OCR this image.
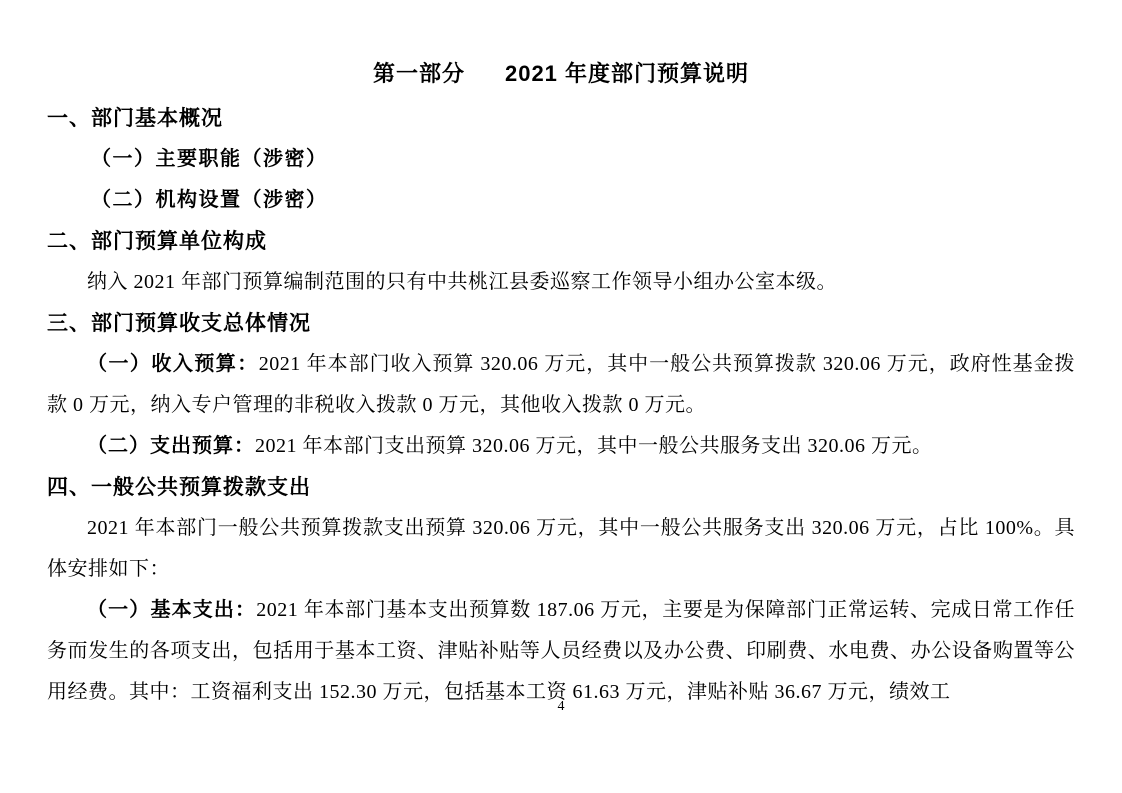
第一部分 2021 年度部门预算说明
一、部门基本概况
（一）主要职能（涉密）
（二）机构设置（涉密）
二、部门预算单位构成
纳入 2021 年部门预算编制范围的只有中共桃江县委巡察工作领导小组办公室本级。
三、部门预算收支总体情况
（一）收入预算：2021 年本部门收入预算 320.06 万元，其中一般公共预算拨款 320.06 万元，政府性基金拨款 0 万元，纳入专户管理的非税收入拨款 0 万元，其他收入拨款 0 万元。
（二）支出预算：2021 年本部门支出预算 320.06 万元，其中一般公共服务支出 320.06 万元。
四、一般公共预算拨款支出
2021 年本部门一般公共预算拨款支出预算 320.06 万元，其中一般公共服务支出 320.06 万元，占比 100%。具体安排如下：
（一）基本支出：2021 年本部门基本支出预算数 187.06 万元，主要是为保障部门正常运转、完成日常工作任务而发生的各项支出，包括用于基本工资、津贴补贴等人员经费以及办公费、印刷费、水电费、办公设备购置等公用经费。其中：工资福利支出 152.30 万元，包括基本工资 61.63 万元，津贴补贴 36.67 万元，绩效工
4
